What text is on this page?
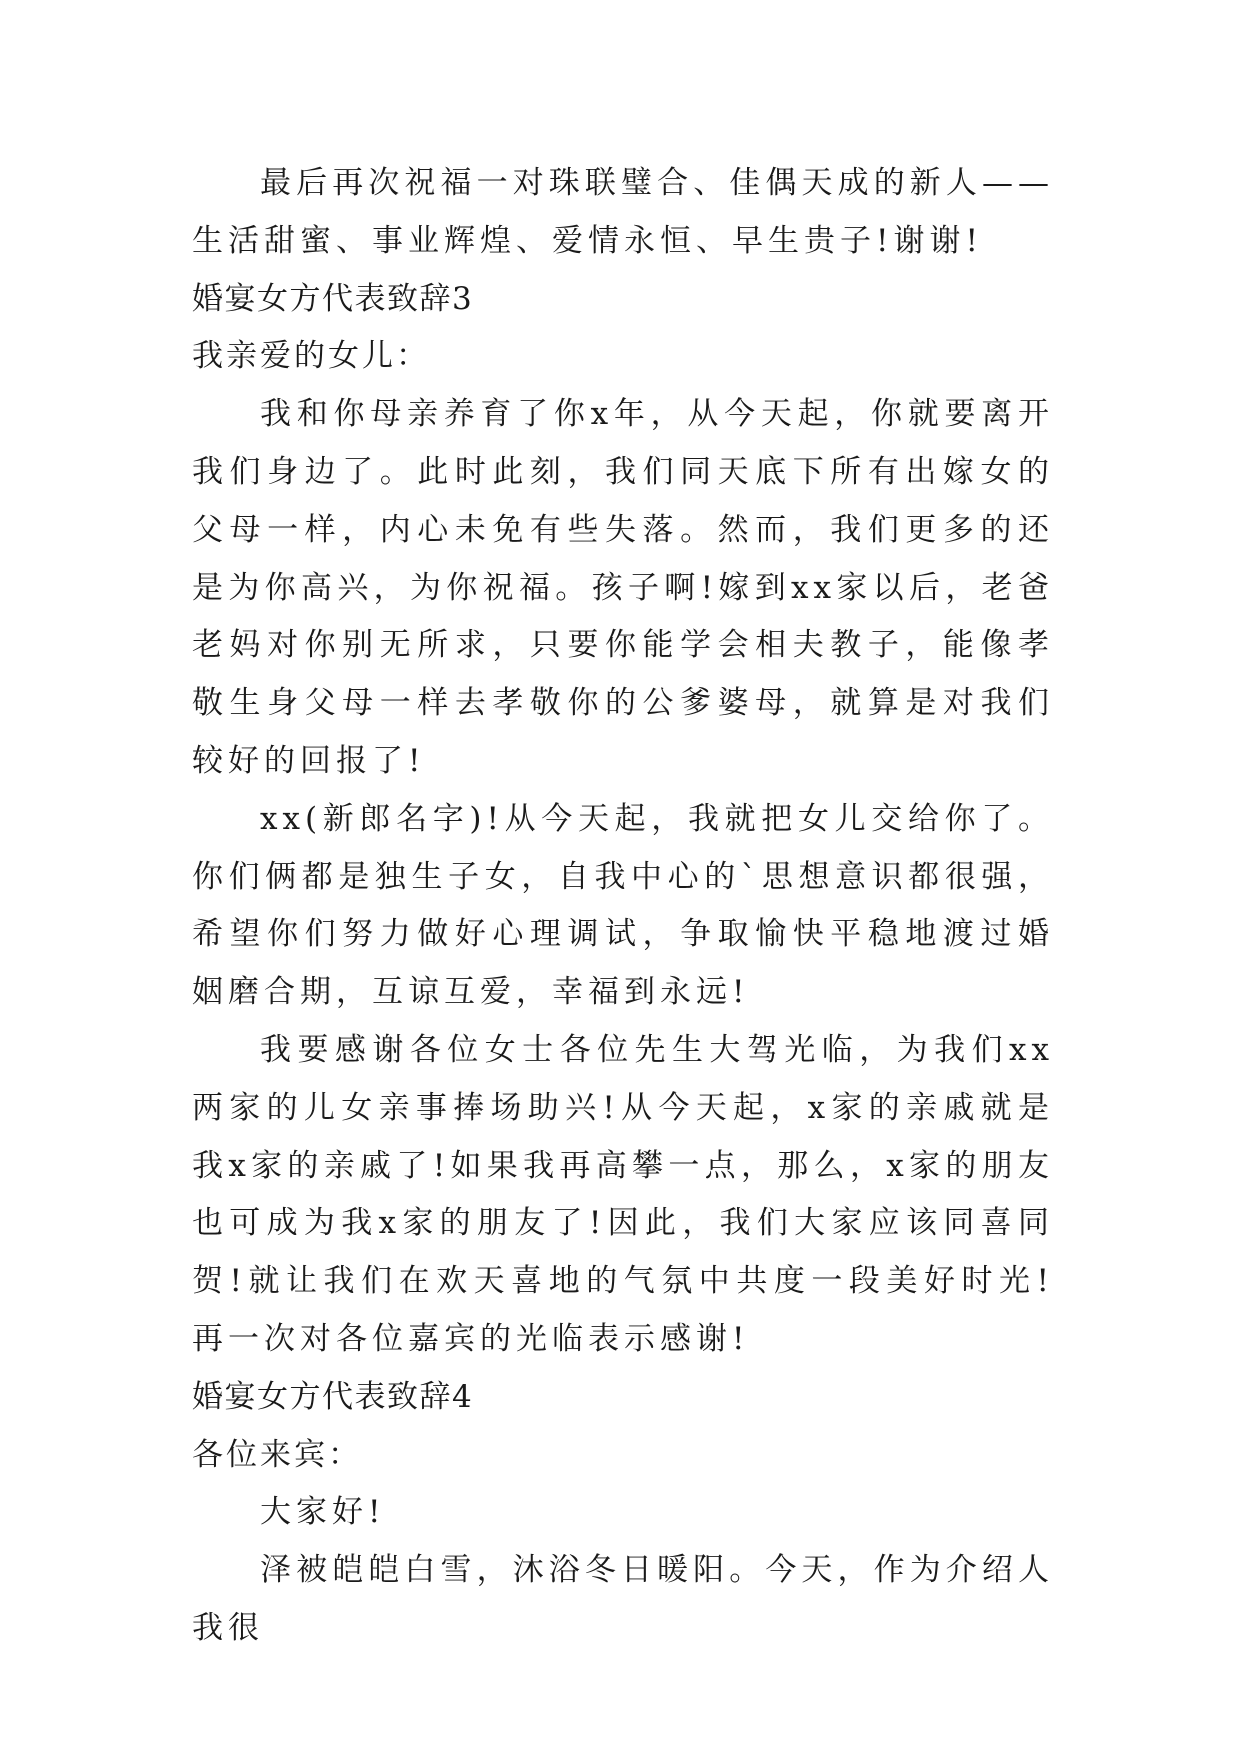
最后再次祝福一对珠联璧合、佳偶天成的新人——生活甜蜜、事业辉煌、爱情永恒、早生贵子!谢谢!

婚宴女方代表致辞3

我亲爱的女儿：

我和你母亲养育了你x年，从今天起，你就要离开我们身边了。此时此刻，我们同天底下所有出嫁女的父母一样，内心未免有些失落。然而，我们更多的还是为你高兴，为你祝福。孩子啊!嫁到xx家以后，老爸老妈对你别无所求，只要你能学会相夫教子，能像孝敬生身父母一样去孝敬你的公爹婆母，就算是对我们较好的回报了!

xx(新郎名字)!从今天起，我就把女儿交给你了。你们俩都是独生子女，自我中心的`思想意识都很强，希望你们努力做好心理调试，争取愉快平稳地渡过婚姻磨合期，互谅互爱，幸福到永远!

我要感谢各位女士各位先生大驾光临，为我们xx两家的儿女亲事捧场助兴!从今天起，x家的亲戚就是我x家的亲戚了!如果我再高攀一点，那么，x家的朋友也可成为我x家的朋友了!因此，我们大家应该同喜同贺!就让我们在欢天喜地的气氛中共度一段美好时光!再一次对各位嘉宾的光临表示感谢!

婚宴女方代表致辞4

各位来宾：

大家好!

泽被皑皑白雪，沐浴冬日暖阳。今天，作为介绍人我很
